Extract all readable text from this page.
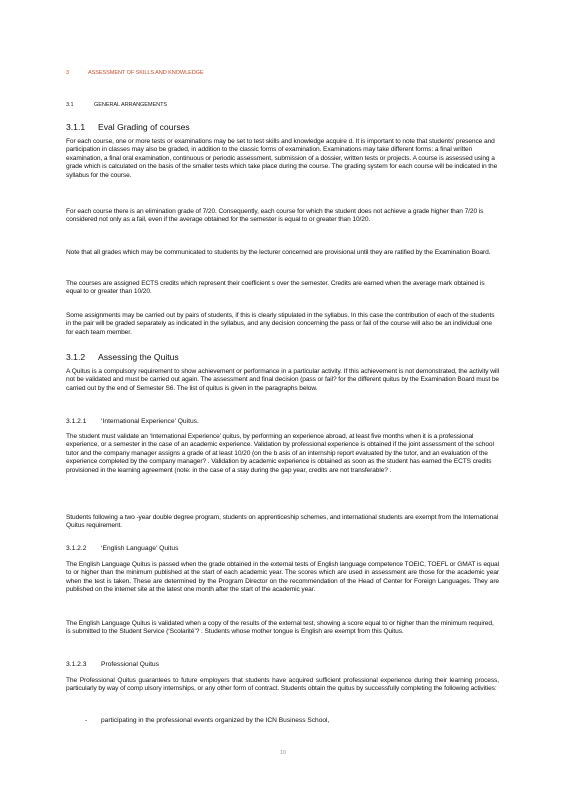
3	ASSESSMENT OF SKILLS AND KNOWLEDGE
3.1	GENERAL ARRANGEMENTS
3.1.1 Eval Grading of courses
For each course, one or more tests or examinations may be set to test skills and knowledge acquire d. It is important to note that students’ presence and participation in classes may also be graded, in addition to the classic forms of examination. Examinations may take different forms: a final written examination, a final oral examination, continuous or periodic assessment, submission of a dossier, written tests or projects. A course is assessed using a grade which is calculated on the basis of the smaller tests which take place during the course. The grading system for each course will be indicated in the syllabus for the course.
For each course there is an elimination grade of 7/20. Consequently, each course for which the student does not achieve a grade higher than 7/20 is considered not only as a fail, even if the average obtained for the semester is equal to or greater than 10/20.
Note that all grades which may be communicated to students by the lecturer concerned are provisional until they are ratified by the Examination Board.
The courses are assigned ECTS credits which represent their coefficient s over the semester. Credits are earned when the average mark obtained is equal to or greater than 10/20.
Some assignments may be carried out by pairs of students, if this is clearly stipulated in the syllabus. In this case the contribution of each of the students in the pair will be graded separately as indicated in the syllabus, and any decision concerning the pass or fail of the course will also be an individual one for each team member.
3.1.2 Assessing the Quitus
A Quitus is a compulsory requirement to show achievement or performance in a particular activity. If this achievement is not demonstrated, the activity will not be validated and must be carried out again. The assessment and final decision (pass or fail? for the different quitus by the Examination Board must be carried out by the end of Semester S6. The list of quitus is given in the paragraphs below.
3.1.2.1 ‘International Experience’ Quitus.
The student must validate an ‘International Experience’ quitus, by performing an experience abroad, at least five months when it is a professional experience, or a semester in the case of an academic experience. Validation by professional experience is obtained if the joint assessment of the school tutor and the company manager assigns a grade of at least 10/20 (on the b asis of an internship report evaluated by the tutor, and an evaluation of the experience completed by the company manager? . Validation by academic experience is obtained as soon as the student has earned the ECTS credits provisioned in the learning agreement (note: in the case of a stay during the gap year, credits are not transferable? .
Students following a two -year double degree program, students on apprenticeship schemes, and international students are exempt from the International Quitus requirement.
3.1.2.2 ‘English Language’ Quitus
The English Language Quitus is passed when the grade obtained in the external tests of English language competence TOEIC, TOEFL or GMAT is equal to or higher than the minimum published at the start of each academic year. The scores which are used in assessment are those for the academic year when the test is taken. These are determined by the Program Director on the recommendation of the Head of Center for Foreign Languages. They are published on the internet site at the latest one month after the start of the academic year.
The English Language Quitus is validated when a copy of the results of the external test, showing a score equal to or higher than the minimum required, is submitted to the Student Service (‘Scolarité’? . Students whose mother tongue is English are exempt from this Quitus.
3.1.2.3 Professional Quitus
The Professional Quitus guarantees to future employers that students have acquired sufficient professional experience during their learning process, particularly by way of comp ulsory internships, or any other form of contract. Students obtain the quitus by successfully completing the following activities:
- participating in the professional events organized by the ICN Business School,
10
